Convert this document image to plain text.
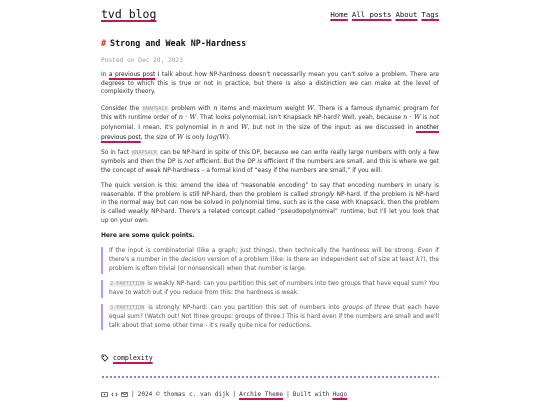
tvd blog	Home All posts About Tags
# Strong and Weak NP-Hardness
Posted on Dec 28, 2023

In a previous post I talk about how NP-hardness doesn't necessarily mean you can't solve a problem. There are degrees to which this is true or not in practice, but there is also a distinction we can make at the level of complexity theory.

Consider the KNAPSACK problem with n items and maximum weight W. There is a famous dynamic program for this with runtime order of n · W. That looks polynomial, isn't Knapsack NP-hard? Well, yeah, because n · W is not polynomial. I mean, it's polynomial in n and W, but not in the size of the input: as we discussed in another previous post, the size of W is only log(W).

So in fact KNAPSACK can be NP-hard in spite of this DP, because we can write really large numbers with only a few symbols and then the DP is not efficient. But the DP is efficient if the numbers are small, and this is where we get the concept of weak NP-hardness – a formal kind of “easy if the numbers are small,” if you will.

The quick version is this: amend the idea of “reasonable encoding” to say that encoding numbers in unary is reasonable. If the problem is still NP-hard, then the problem is called strongly NP-hard. If the problem is NP-hard in the normal way but can now be solved in polynomial time, such as is the case with Knapsack, then the problem is called weakly NP-hard. There's a related concept called “pseudopolynomial” runtime, but I'll let you look that up on your own.

Here are some quick points.

If the input is combinatorial (like a graph; just things), then technically the hardness will be strong. Even if there's a number in the decision version of a problem (like: is there an independent set of size at least k?), the problem is often trivial (or nonsensical) when that number is large.

2-PARTITION is weakly NP-hard: can you partition this set of numbers into two groups that have equal sum? You have to watch out if you reduce from this: the hardness is weak.

3-PARTITION is strongly NP-hard: can you partition this set of numbers into groups of three that each have equal sum? (Watch out! Not three groups: groups of three.) This is hard even if the numbers are small and we'll talk about that some other time - it's really quite nice for reductions.

complexity
| 2024 © thomas c. van dijk | Archie Theme | Built with Hugo
